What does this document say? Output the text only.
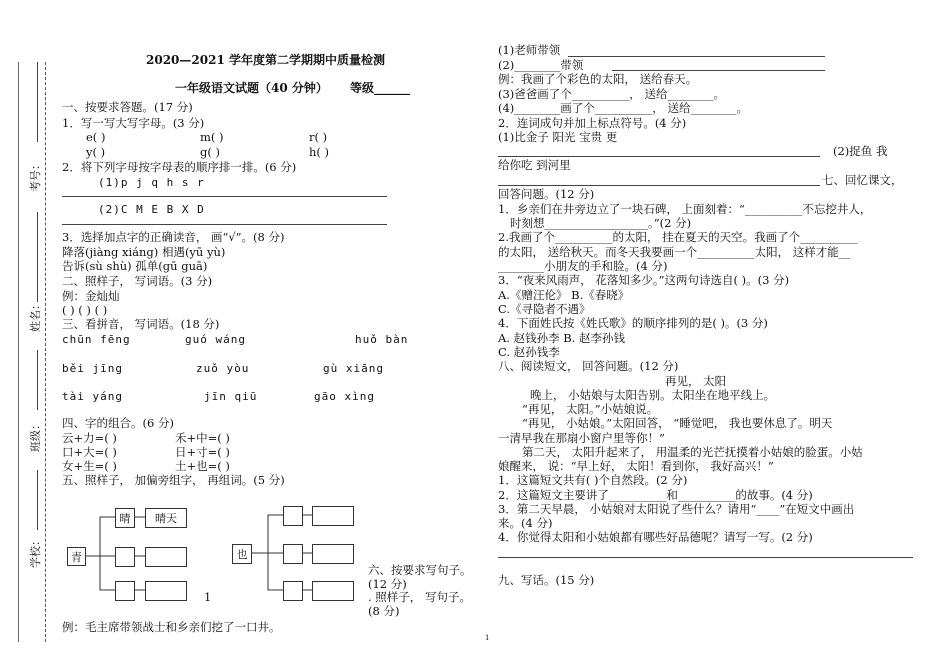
考号：
姓名：
班级：
学校：
2020—2021 学年度第二学期期中质量检测
一年级语文试题（40 分钟） 等级______
一、按要求答题。(17 分)
1．写一写大写字母。(3 分)
e( )	m( )	r( )
y( )	g( )	h( )
2．将下列字母按字母表的顺序排一排。(6 分)
(1)p j q h s r
(2)C M E B X D
3．选择加点字的正确读音， 画“√”。(8 分)
降落(jiàng xiáng) 相遇(yū yù)
告诉(sù shù) 孤单(gū guā)
二、照样子， 写词语。(3 分)
例：金灿灿
( ) ( ) ( )
三、看拼音， 写词语。(18 分)
chūn fēng	guó wáng	huǒ bàn
běi jīng	zuǒ yòu	gù xiāng
tài yáng	jīn qiū	gāo xìng
四、字的组合。(6 分)
云+力=( )	禾+中=( )
口+大=( )	日+寸=( )
女+生=( )	土+也=( )
五、照样子， 加偏旁组字， 再组词。(5 分)
青
晴	晴天
也
1
六、按要求写句子。(12 分)
. 照样子， 写句子。(8 分)
例：毛主席带领战士和乡亲们挖了一口井。
(1)老师带领
(2)________带领
例：我画了个彩色的太阳， 送给春天。
(3)爸爸画了个__________， 送给________。
(4)________画了个__________， 送给________。
2．连词成句并加上标点符号。(4 分)
(1)比金子 阳光 宝贵 更
(2)捉鱼 我
给你吃 到河里
七、回忆课文，
回答问题。(12 分)
1．乡亲们在井旁边立了一块石碑， 上面刻着：“__________不忘挖井人，
时刻想__________________。”(2 分)
2.我画了个__________的太阳， 挂在夏天的天空。我画了个__________
的太阳， 送给秋天。而冬天我要画一个__________太阳， 这样才能__
________小朋友的手和脸。(4 分)
3．“夜来风雨声， 花落知多少。”这两句诗选自( )。(3 分)
A.《赠汪伦》 B.《春晓》
C.《寻隐者不遇》
4．下面姓氏按《姓氏歌》的顺序排列的是( )。(3 分)
A. 赵钱孙李 B. 赵李孙钱
C. 赵孙钱李
八、阅读短文， 回答问题。(12 分)
再见， 太阳
晚上， 小姑娘与太阳告别。太阳坐在地平线上。
“再见， 太阳。”小姑娘说。
“再见， 小姑娘。”太阳回答， “睡觉吧， 我也要休息了。明天
一清早我在那扇小窗户里等你！”
第二天， 太阳升起来了， 用温柔的光芒抚摸着小姑娘的脸蛋。小姑
娘醒来， 说：“早上好， 太阳！看到你， 我好高兴！”
1．这篇短文共有( )个自然段。(2 分)
2．这篇短文主要讲了__________和__________的故事。(4 分)
3．第二天早晨， 小姑娘对太阳说了些什么？请用“____”在短文中画出
来。(4 分)
4．你觉得太阳和小姑娘都有哪些好品德呢？请写一写。(2 分)
九、写话。(15 分)
1
